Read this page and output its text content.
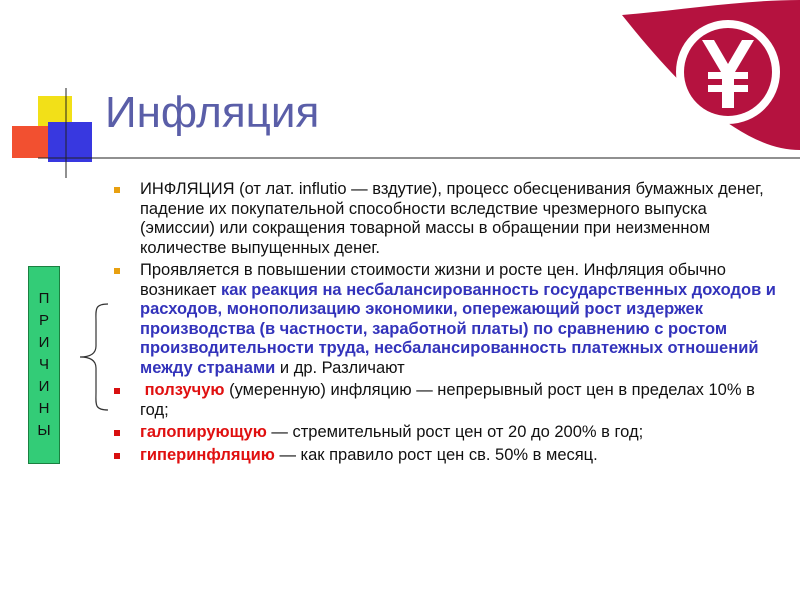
Инфляция
П
Р
И
Ч
И
Н
Ы
ИНФЛЯЦИЯ (от лат. influtio — вздутие), процесс обесценивания бумажных денег, падение их покупательной способности вследствие чрезмерного выпуска (эмиссии) или сокращения товарной массы в обращении при неизменном количестве выпущенных денег.
Проявляется в повышении стоимости жизни и росте цен. Инфляция обычно возникает как реакция на несбалансированность государственных доходов и расходов, монополизацию экономики, опережающий рост издержек производства (в частности, заработной платы) по сравнению с ростом производительности труда, несбалансированность платежных отношений между странами и др. Различают
ползучую (умеренную) инфляцию — непрерывный рост цен в пределах 10% в год;
галопирующую — стремительный рост цен от 20 до 200% в год;
гиперинфляцию — как правило рост цен св. 50% в месяц.
